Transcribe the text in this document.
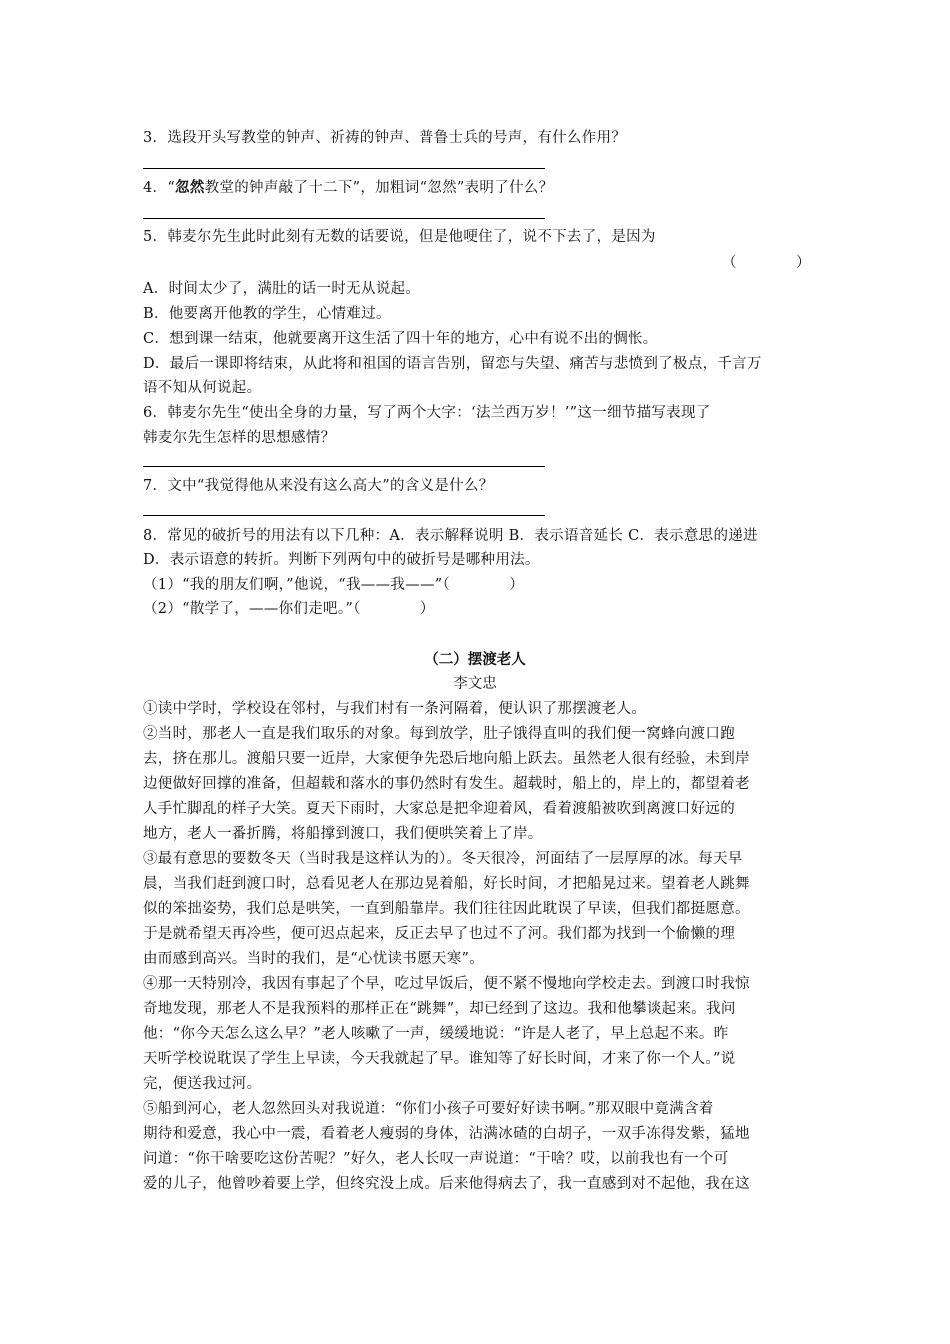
3．选段开头写教堂的钟声、祈祷的钟声、普鲁士兵的号声，有什么作用？
4．“忽然教堂的钟声敲了十二下”，加粗词“忽然”表明了什么？
5．韩麦尔先生此时此刻有无数的话要说，但是他哽住了，说不下去了，是因为
（　　　　）
A．时间太少了，满肚的话一时无从说起。
B．他要离开他教的学生，心情难过。
C．想到课一结束，他就要离开这生活了四十年的地方，心中有说不出的惆怅。
D．最后一课即将结束，从此将和祖国的语言告别，留恋与失望、痛苦与悲愤到了极点，千言万
语不知从何说起。
6．韩麦尔先生“使出全身的力量，写了两个大字：‘法兰西万岁！’”这一细节描写表现了
韩麦尔先生怎样的思想感情？
7．文中“我觉得他从来没有这么高大”的含义是什么？
8．常见的破折号的用法有以下几种：A．表示解释说明 B．表示语音延长 C．表示意思的递进
D．表示语意的转折。判断下列两句中的破折号是哪种用法。
（1）“我的朋友们啊，”他说，“我——我——”（　　　　）
（2）“散学了，——你们走吧。”（　　　　）
（二）摆渡老人
李文忠
①读中学时，学校设在邻村，与我们村有一条河隔着，便认识了那摆渡老人。
②当时，那老人一直是我们取乐的对象。每到放学，肚子饿得直叫的我们便一窝蜂向渡口跑
去，挤在那儿。渡船只要一近岸，大家便争先恐后地向船上跃去。虽然老人很有经验，未到岸
边便做好回撑的准备，但超载和落水的事仍然时有发生。超载时，船上的，岸上的，都望着老
人手忙脚乱的样子大笑。夏天下雨时，大家总是把伞迎着风，看着渡船被吹到离渡口好远的
地方，老人一番折腾，将船撑到渡口，我们便哄笑着上了岸。
③最有意思的要数冬天（当时我是这样认为的）。冬天很冷，河面结了一层厚厚的冰。每天早
晨，当我们赶到渡口时，总看见老人在那边晃着船，好长时间，才把船晃过来。望着老人跳舞
似的笨拙姿势，我们总是哄笑，一直到船靠岸。我们往往因此耽误了早读，但我们都挺愿意。
于是就希望天再冷些，便可迟点起来，反正去早了也过不了河。我们都为找到一个偷懒的理
由而感到高兴。当时的我们，是“心忧读书愿天寒”。
④那一天特别冷，我因有事起了个早，吃过早饭后，便不紧不慢地向学校走去。到渡口时我惊
奇地发现，那老人不是我预料的那样正在“跳舞”，却已经到了这边。我和他攀谈起来。我问
他：“你今天怎么这么早？”老人咳嗽了一声，缓缓地说：“许是人老了，早上总起不来。昨
天听学校说耽误了学生上早读，今天我就起了早。谁知等了好长时间，才来了你一个人。”说
完，便送我过河。
⑤船到河心，老人忽然回头对我说道：“你们小孩子可要好好读书啊。”那双眼中竟满含着
期待和爱意，我心中一震，看着老人瘦弱的身体，沾满冰碴的白胡子，一双手冻得发紫，猛地
问道：“你干啥要吃这份苦呢？”好久，老人长叹一声说道：“干啥？哎，以前我也有一个可
爱的儿子，他曾吵着要上学，但终究没上成。后来他得病去了，我一直感到对不起他，我在这
